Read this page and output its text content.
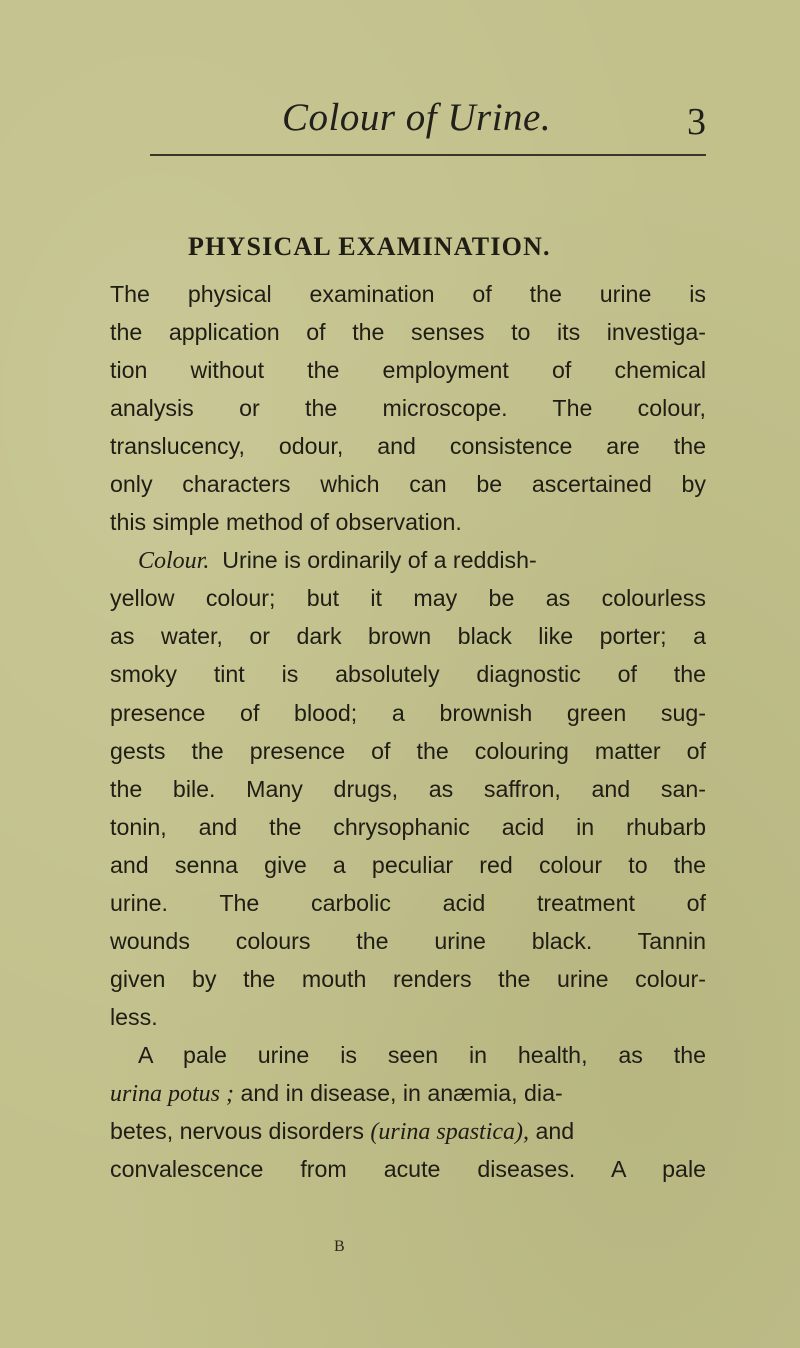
Colour of Urine.	3
PHYSICAL EXAMINATION.
The physical examination of the urine is
the application of the senses to its investiga-
tion without the employment of chemical
analysis or the microscope. The colour,
translucency, odour, and consistence are the
only characters which can be ascertained by
this simple method of observation.
Colour. Urine is ordinarily of a reddish-
yellow colour; but it may be as colourless
as water, or dark brown black like porter; a
smoky tint is absolutely diagnostic of the
presence of blood; a brownish green sug-
gests the presence of the colouring matter of
the bile. Many drugs, as saffron, and san-
tonin, and the chrysophanic acid in rhubarb
and senna give a peculiar red colour to the
urine. The carbolic acid treatment of
wounds colours the urine black. Tannin
given by the mouth renders the urine colour-
less.
A pale urine is seen in health, as the
urina potus ; and in disease, in anæmia, dia-
betes, nervous disorders (urina spastica), and
convalescence from acute diseases. A pale
B
